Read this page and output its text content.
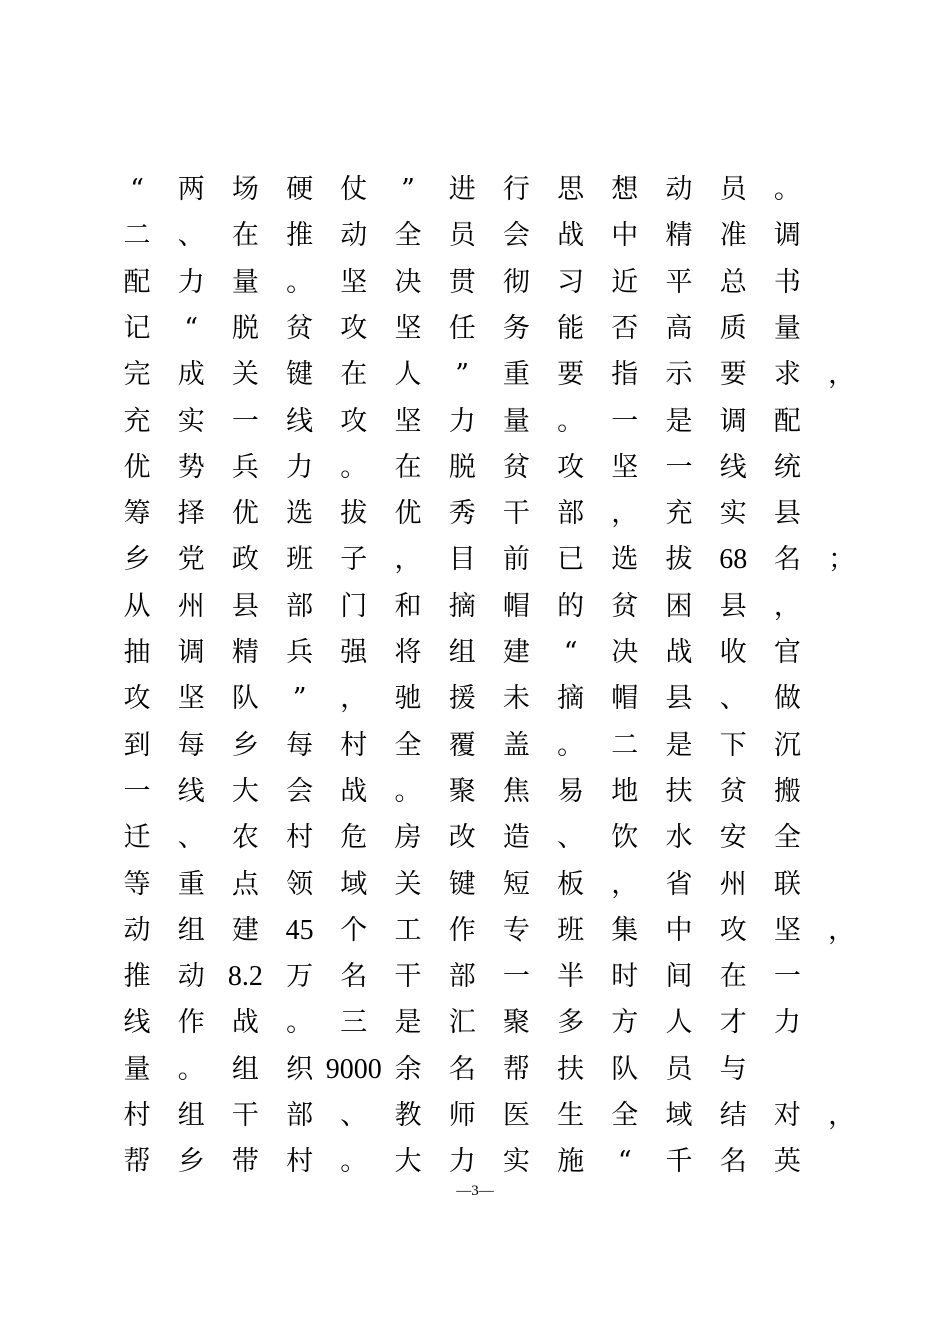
“ 两 场 硬 仗 ” 进 行 思 想 动 员 。
二 、 在 推 动 全 员 会 战 中 精 准 调
配 力 量 。 坚 决 贯 彻 习 近 平 总 书
记 “ 脱 贫 攻 坚 任 务 能 否 高 质 量
完 成 关 键 在 人 ” 重 要 指 示 要 求 ，
充 实 一 线 攻 坚 力 量 。 一 是 调 配
优 势 兵 力 。 在 脱 贫 攻 坚 一 线 统
筹 择 优 选 拔 优 秀 干 部 ， 充 实 县
乡 党 政 班 子 ， 目 前 已 选 拔 68 名 ；
从 州 县 部 门 和 摘 帽 的 贫 困 县 ，
抽 调 精 兵 强 将 组 建 “ 决 战 收 官
攻 坚 队 ” ， 驰 援 未 摘 帽 县 、 做
到 每 乡 每 村 全 覆 盖 。 二 是 下 沉
一 线 大 会 战 。 聚 焦 易 地 扶 贫 搬
迁 、 农 村 危 房 改 造 、 饮 水 安 全
等 重 点 领 域 关 键 短 板 ， 省 州 联
动 组 建 45 个 工 作 专 班 集 中 攻 坚 ，
推 动 8.2 万 名 干 部 一 半 时 间 在 一
线 作 战 。 三 是 汇 聚 多 方 人 才 力
量 。 组 织 9000 余 名 帮 扶 队 员 与
村 组 干 部 、 教 师 医 生 全 域 结 对 ，
帮 乡 带 村 。 大 力 实 施 “ 千 名 英
—3—
